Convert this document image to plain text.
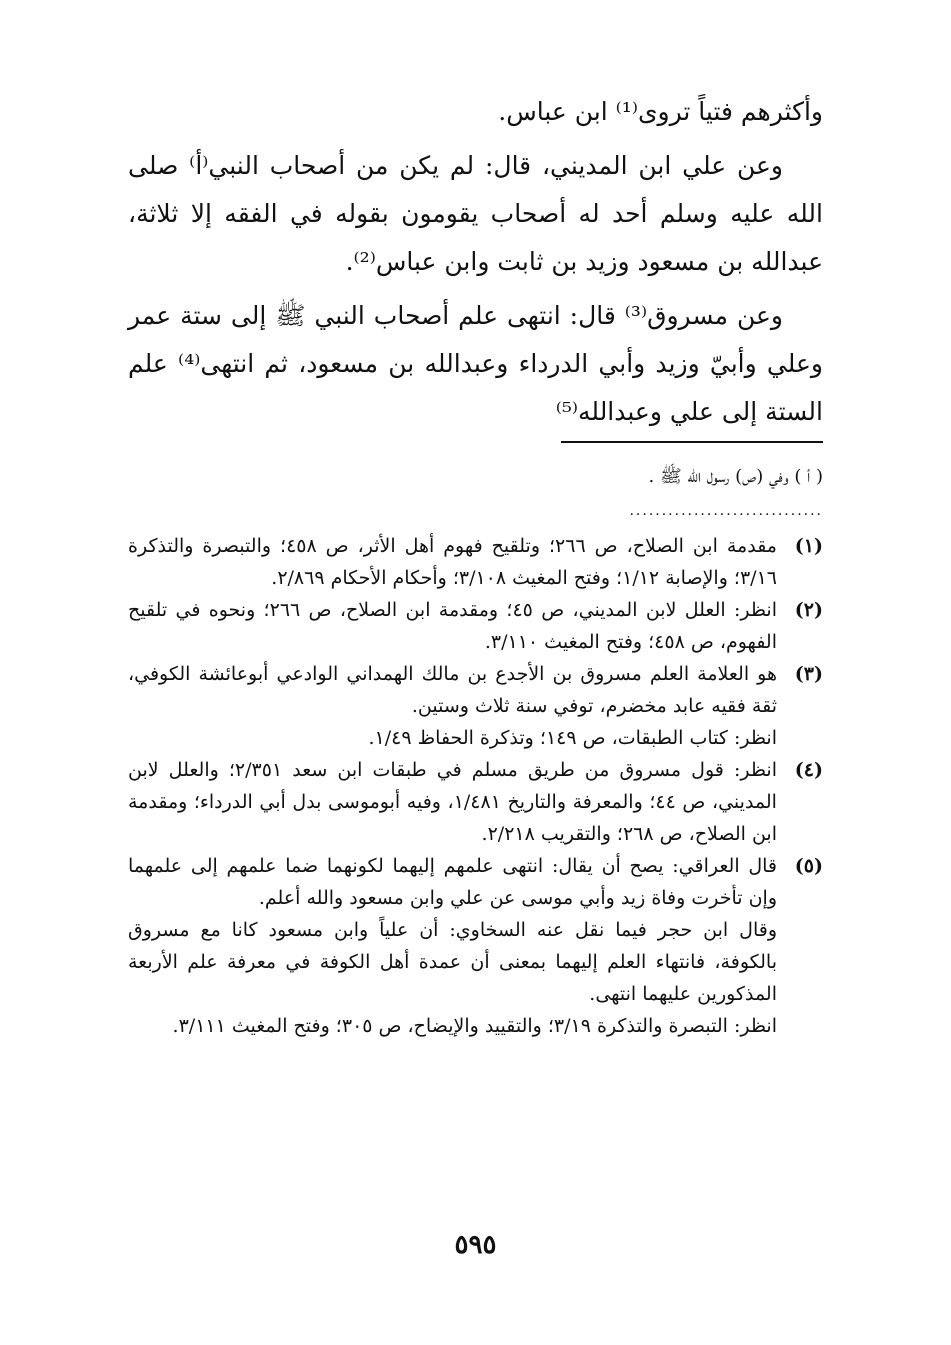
وأكثرهم فتياً تروى⁽¹⁾ ابن عباس.

وعن علي ابن المديني، قال: لم يكن من أصحاب النبي⁽أ⁾ صلى الله عليه وسلم أحد له أصحاب يقومون بقوله في الفقه إلا ثلاثة، عبدالله بن مسعود وزيد بن ثابت وابن عباس⁽²⁾.

وعن مسروق⁽³⁾ قال: انتهى علم أصحاب النبي ﷺ إلى ستة عمر وعلي وأبيّ وزيد وأبي الدرداء وعبدالله بن مسعود، ثم انتهى⁽⁴⁾ علم الستة إلى علي وعبدالله⁽⁵⁾

( أ ) وفي (ص) رسول الله ﷺ .
..............................
(١)
مقدمة ابن الصلاح، ص ٢٦٦؛ وتلقيح فهوم أهل الأثر، ص ٤٥٨؛ والتبصرة والتذكرة ٣/١٦؛ والإصابة ١/١٢؛ وفتح المغيث ٣/١٠٨؛ وأحكام الأحكام ٢/٨٦٩.
(٢)
انظر: العلل لابن المديني، ص ٤٥؛ ومقدمة ابن الصلاح، ص ٢٦٦؛ ونحوه في تلقيح الفهوم، ص ٤٥٨؛ وفتح المغيث ٣/١١٠.
(٣)
هو العلامة العلم مسروق بن الأجدع بن مالك الهمداني الوادعي أبوعائشة الكوفي، ثقة فقيه عابد مخضرم، توفي سنة ثلاث وستين.
انظر: كتاب الطبقات، ص ١٤٩؛ وتذكرة الحفاظ ١/٤٩.
(٤)
انظر: قول مسروق من طريق مسلم في طبقات ابن سعد ٢/٣٥١؛ والعلل لابن المديني، ص ٤٤؛ والمعرفة والتاريخ ١/٤٨١، وفيه أبوموسى بدل أبي الدرداء؛ ومقدمة ابن الصلاح، ص ٢٦٨؛ والتقريب ٢/٢١٨.
(٥)
قال العراقي: يصح أن يقال: انتهى علمهم إليهما لكونهما ضما علمهم إلى علمهما وإن تأخرت وفاة زيد وأبي موسى عن علي وابن مسعود والله أعلم.
وقال ابن حجر فيما نقل عنه السخاوي: أن علياً وابن مسعود كانا مع مسروق بالكوفة، فانتهاء العلم إليهما بمعنى أن عمدة أهل الكوفة في معرفة علم الأربعة المذكورين عليهما انتهى.
انظر: التبصرة والتذكرة ٣/١٩؛ والتقييد والإيضاح، ص ٣٠٥؛ وفتح المغيث ٣/١١١.
٥٩٥
